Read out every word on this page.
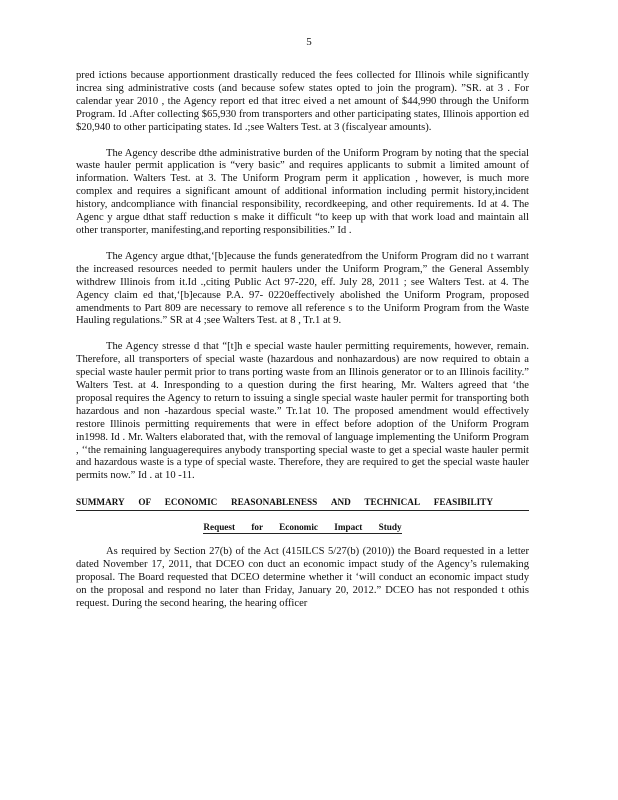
5

pred ictions because apportionment drastically reduced the fees collected for Illinois while significantly increa sing administrative costs (and because sofew states opted to join the program). ”SR. at 3 . For calendar year 2010 , the Agency report ed that itrec eived a net amount of $44,990 through the Uniform Program. Id .After collecting $65,930 from transporters and other participating states, Illinois apportion ed $20,940 to other participating states. Id .;see Walters Test. at 3 (fiscalyear amounts).

The Agency describe dthe administrative burden of the Uniform Program by noting that the special waste hauler permit application is “very basic” and requires applicants to submit a limited amount of information. Walters Test. at 3. The Uniform Program perm it application , however, is much more complex and requires a significant amount of additional information including permit history,incident history, andcompliance with financial responsibility, recordkeeping, and other requirements. Id at 4. The Agenc y argue dthat staff reduction s make it difficult “to keep up with that work load and maintain all other transporter, manifesting,and reporting responsibilities.” Id .

The Agency argue dthat,‘[b]ecause the funds generatedfrom the Uniform Program did no t warrant the increased resources needed to permit haulers under the Uniform Program,” the General Assembly withdrew Illinois from it.Id .,citing Public Act 97-220, eff. July 28, 2011 ; see Walters Test. at 4. The Agency claim ed that,‘[b]ecause P.A. 97- 0220effectively abolished the Uniform Program, proposed amendments to Part 809 are necessary to remove all reference s to the Uniform Program from the Waste Hauling regulations.” SR at 4 ;see Walters Test. at 8 , Tr.1 at 9.

The Agency stresse d that “[t]h e special waste hauler permitting requirements, however, remain. Therefore, all transporters of special waste (hazardous and nonhazardous) are now required to obtain a special waste hauler permit prior to trans porting waste from an Illinois generator or to an Illinois facility.” Walters Test. at 4. Inresponding to a question during the first hearing, Mr. Walters agreed that ‘the proposal requires the Agency to return to issuing a single special waste hauler permit for transporting both hazardous and non -hazardous special waste.” Tr.1at 10. The proposed amendment would effectively restore Illinois permitting requirements that were in effect before adoption of the Uniform Program in1998. Id . Mr. Walters elaborated that, with the removal of language implementing the Uniform Program , ‘‘the remaining languagerequires anybody transporting special waste to get a special waste hauler permit and hazardous waste is a type of special waste. Therefore, they are required to get the special waste hauler permits now.” Id . at 10 -11.

SUMMARY OF ECONOMIC REASONABLENESS AND TECHNICAL FEASIBILITY
Request for Economic Impact Study

As required by Section 27(b) of the Act (415ILCS 5/27(b) (2010)) the Board requested in a letter dated November 17, 2011, that DCEO con duct an economic impact study of the Agency’s rulemaking proposal. The Board requested that DCEO determine whether it ‘will conduct an economic impact study on the proposal and respond no later than Friday, January 20, 2012.” DCEO has not responded t othis request. During the second hearing, the hearing officer
